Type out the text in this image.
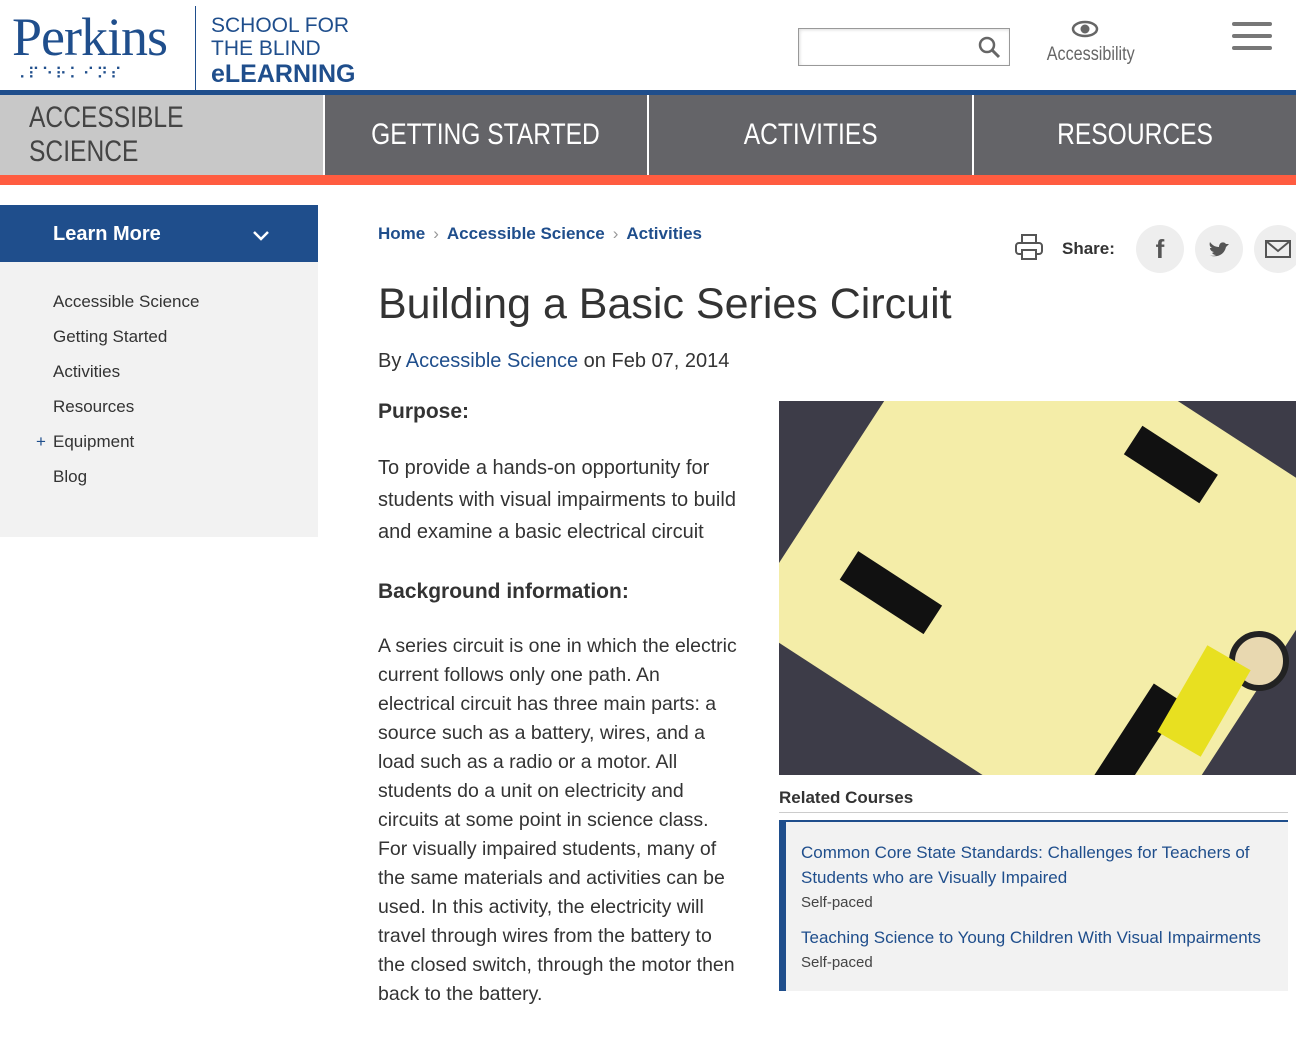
Perkins
⠠⠏⠑⠗⠅⠊⠝⠎
SCHOOL FOR
THE BLIND
eLEARNING
Accessibility
ACCESSIBLE SCIENCE
GETTING STARTED	ACTIVITIES	RESOURCES
Learn More
Accessible Science
Getting Started
Activities
Resources
+ Equipment
Blog
Home › Accessible Science › Activities
Share: f
Building a Basic Series Circuit
By Accessible Science on Feb 07, 2014
Purpose:

To provide a hands-on opportunity for students with visual impairments to build and examine a basic electrical circuit

Background information:

A series circuit is one in which the electric current follows only one path. An electrical circuit has three main parts: a source such as a battery, wires, and a load such as a radio or a motor. All students do a unit on electricity and circuits at some point in science class. For visually impaired students, many of the same materials and activities can be used. In this activity, the electricity will travel through wires from the battery to the closed switch, through the motor then back to the battery.

Related Courses
Common Core State Standards: Challenges for Teachers of Students who are Visually Impaired
Self-paced
Teaching Science to Young Children With Visual Impairments
Self-paced
